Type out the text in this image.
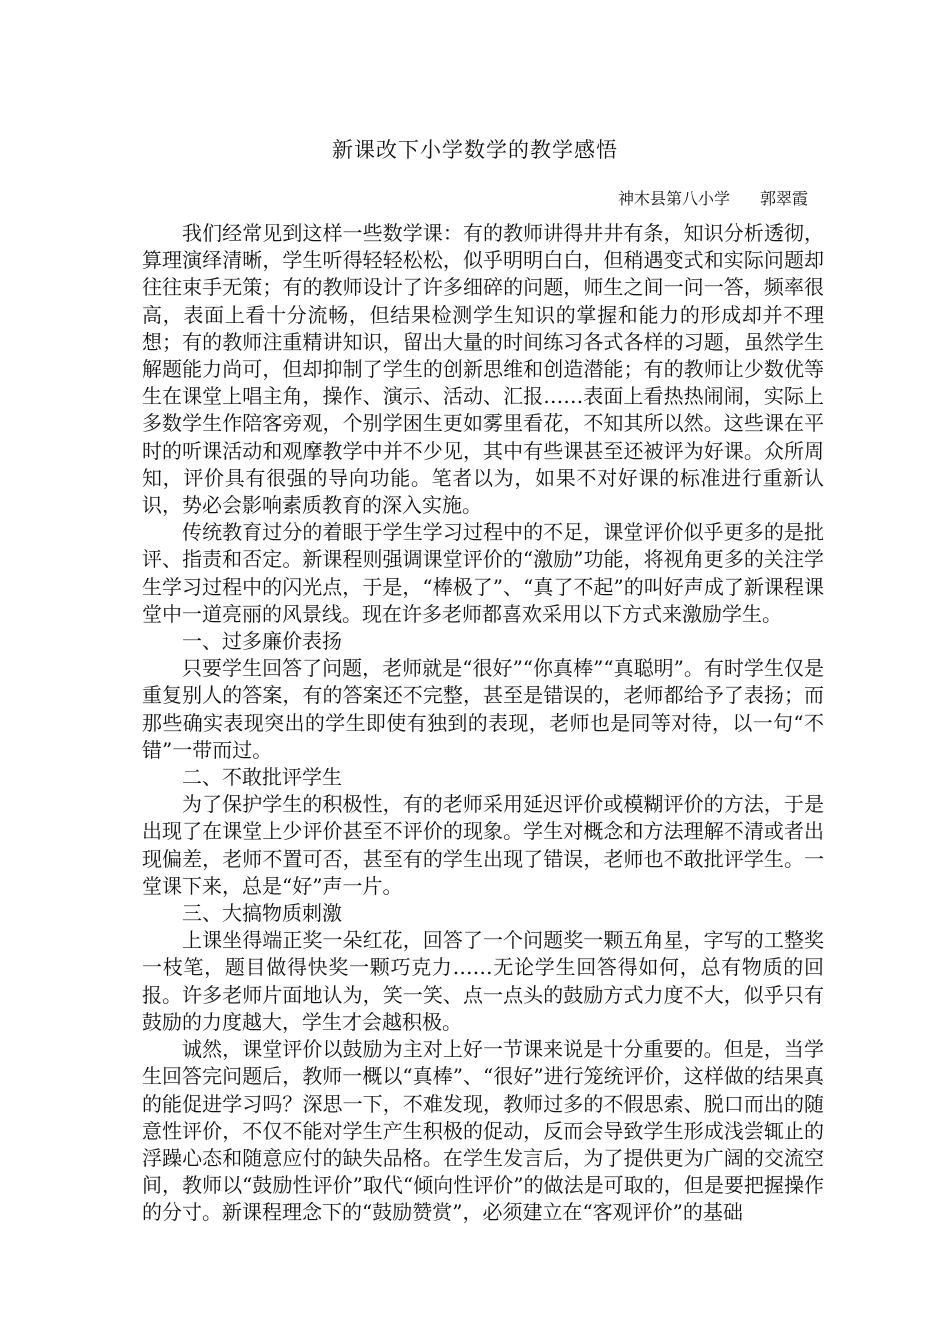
新课改下小学数学的教学感悟
神木县第八小学 郭翠霞

我们经常见到这样一些数学课：有的教师讲得井井有条，知识分析透彻，算理演绎清晰，学生听得轻轻松松，似乎明明白白，但稍遇变式和实际问题却往往束手无策；有的教师设计了许多细碎的问题，师生之间一问一答，频率很高，表面上看十分流畅，但结果检测学生知识的掌握和能力的形成却并不理想；有的教师注重精讲知识，留出大量的时间练习各式各样的习题，虽然学生解题能力尚可，但却抑制了学生的创新思维和创造潜能；有的教师让少数优等生在课堂上唱主角，操作、演示、活动、汇报……表面上看热热闹闹，实际上多数学生作陪客旁观，个别学困生更如雾里看花，不知其所以然。这些课在平时的听课活动和观摩教学中并不少见，其中有些课甚至还被评为好课。众所周知，评价具有很强的导向功能。笔者以为，如果不对好课的标准进行重新认识，势必会影响素质教育的深入实施。

传统教育过分的着眼于学生学习过程中的不足，课堂评价似乎更多的是批评、指责和否定。新课程则强调课堂评价的“激励”功能，将视角更多的关注学生学习过程中的闪光点，于是，“棒极了”、“真了不起”的叫好声成了新课程课堂中一道亮丽的风景线。现在许多老师都喜欢采用以下方式来激励学生。

一、过多廉价表扬

只要学生回答了问题，老师就是“很好”“你真棒”“真聪明”。有时学生仅是重复别人的答案，有的答案还不完整，甚至是错误的，老师都给予了表扬；而那些确实表现突出的学生即使有独到的表现，老师也是同等对待，以一句“不错”一带而过。

二、不敢批评学生

为了保护学生的积极性，有的老师采用延迟评价或模糊评价的方法，于是出现了在课堂上少评价甚至不评价的现象。学生对概念和方法理解不清或者出现偏差，老师不置可否，甚至有的学生出现了错误，老师也不敢批评学生。一堂课下来，总是“好”声一片。

三、大搞物质刺激

上课坐得端正奖一朵红花，回答了一个问题奖一颗五角星，字写的工整奖一枝笔，题目做得快奖一颗巧克力……无论学生回答得如何，总有物质的回报。许多老师片面地认为，笑一笑、点一点头的鼓励方式力度不大，似乎只有鼓励的力度越大，学生才会越积极。

诚然，课堂评价以鼓励为主对上好一节课来说是十分重要的。但是，当学生回答完问题后，教师一概以“真棒”、“很好”进行笼统评价，这样做的结果真的能促进学习吗？深思一下，不难发现，教师过多的不假思索、脱口而出的随意性评价，不仅不能对学生产生积极的促动，反而会导致学生形成浅尝辄止的浮躁心态和随意应付的缺失品格。在学生发言后，为了提供更为广阔的交流空间，教师以“鼓励性评价”取代“倾向性评价”的做法是可取的，但是要把握操作的分寸。新课程理念下的“鼓励赞赏”，必须建立在“客观评价”的基础
